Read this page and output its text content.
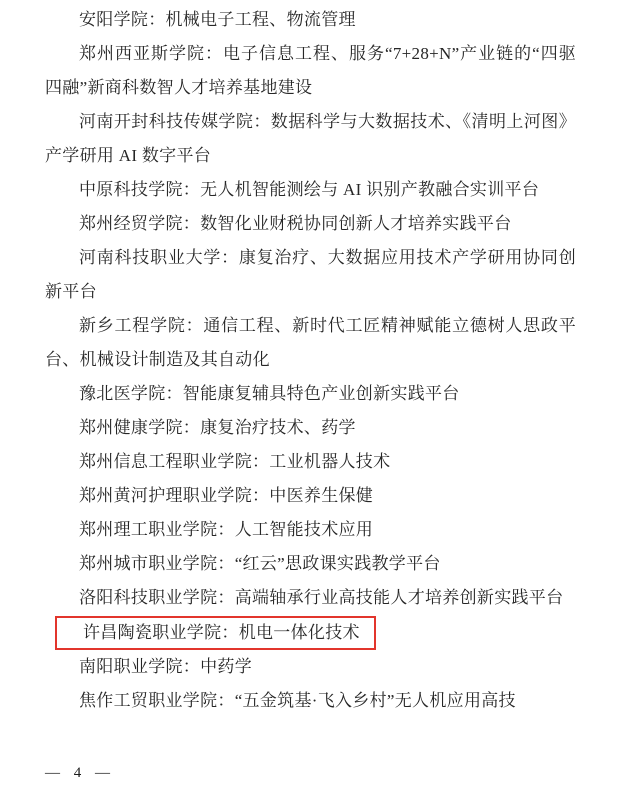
安阳学院：机械电子工程、物流管理

郑州西亚斯学院：电子信息工程、服务“7+28+N”产业链的“四驱四融”新商科数智人才培养基地建设

河南开封科技传媒学院：数据科学与大数据技术、《清明上河图》产学研用 AI 数字平台

中原科技学院：无人机智能测绘与 AI 识别产教融合实训平台

郑州经贸学院：数智化业财税协同创新人才培养实践平台

河南科技职业大学：康复治疗、大数据应用技术产学研用协同创新平台

新乡工程学院：通信工程、新时代工匠精神赋能立德树人思政平台、机械设计制造及其自动化

豫北医学院：智能康复辅具特色产业创新实践平台

郑州健康学院：康复治疗技术、药学

郑州信息工程职业学院：工业机器人技术

郑州黄河护理职业学院：中医养生保健

郑州理工职业学院：人工智能技术应用

郑州城市职业学院：“红云”思政课实践教学平台

洛阳科技职业学院：高端轴承行业高技能人才培养创新实践平台

许昌陶瓷职业学院：机电一体化技术

南阳职业学院：中药学

焦作工贸职业学院：“五金筑基·飞入乡村”无人机应用高技

— 4 —
